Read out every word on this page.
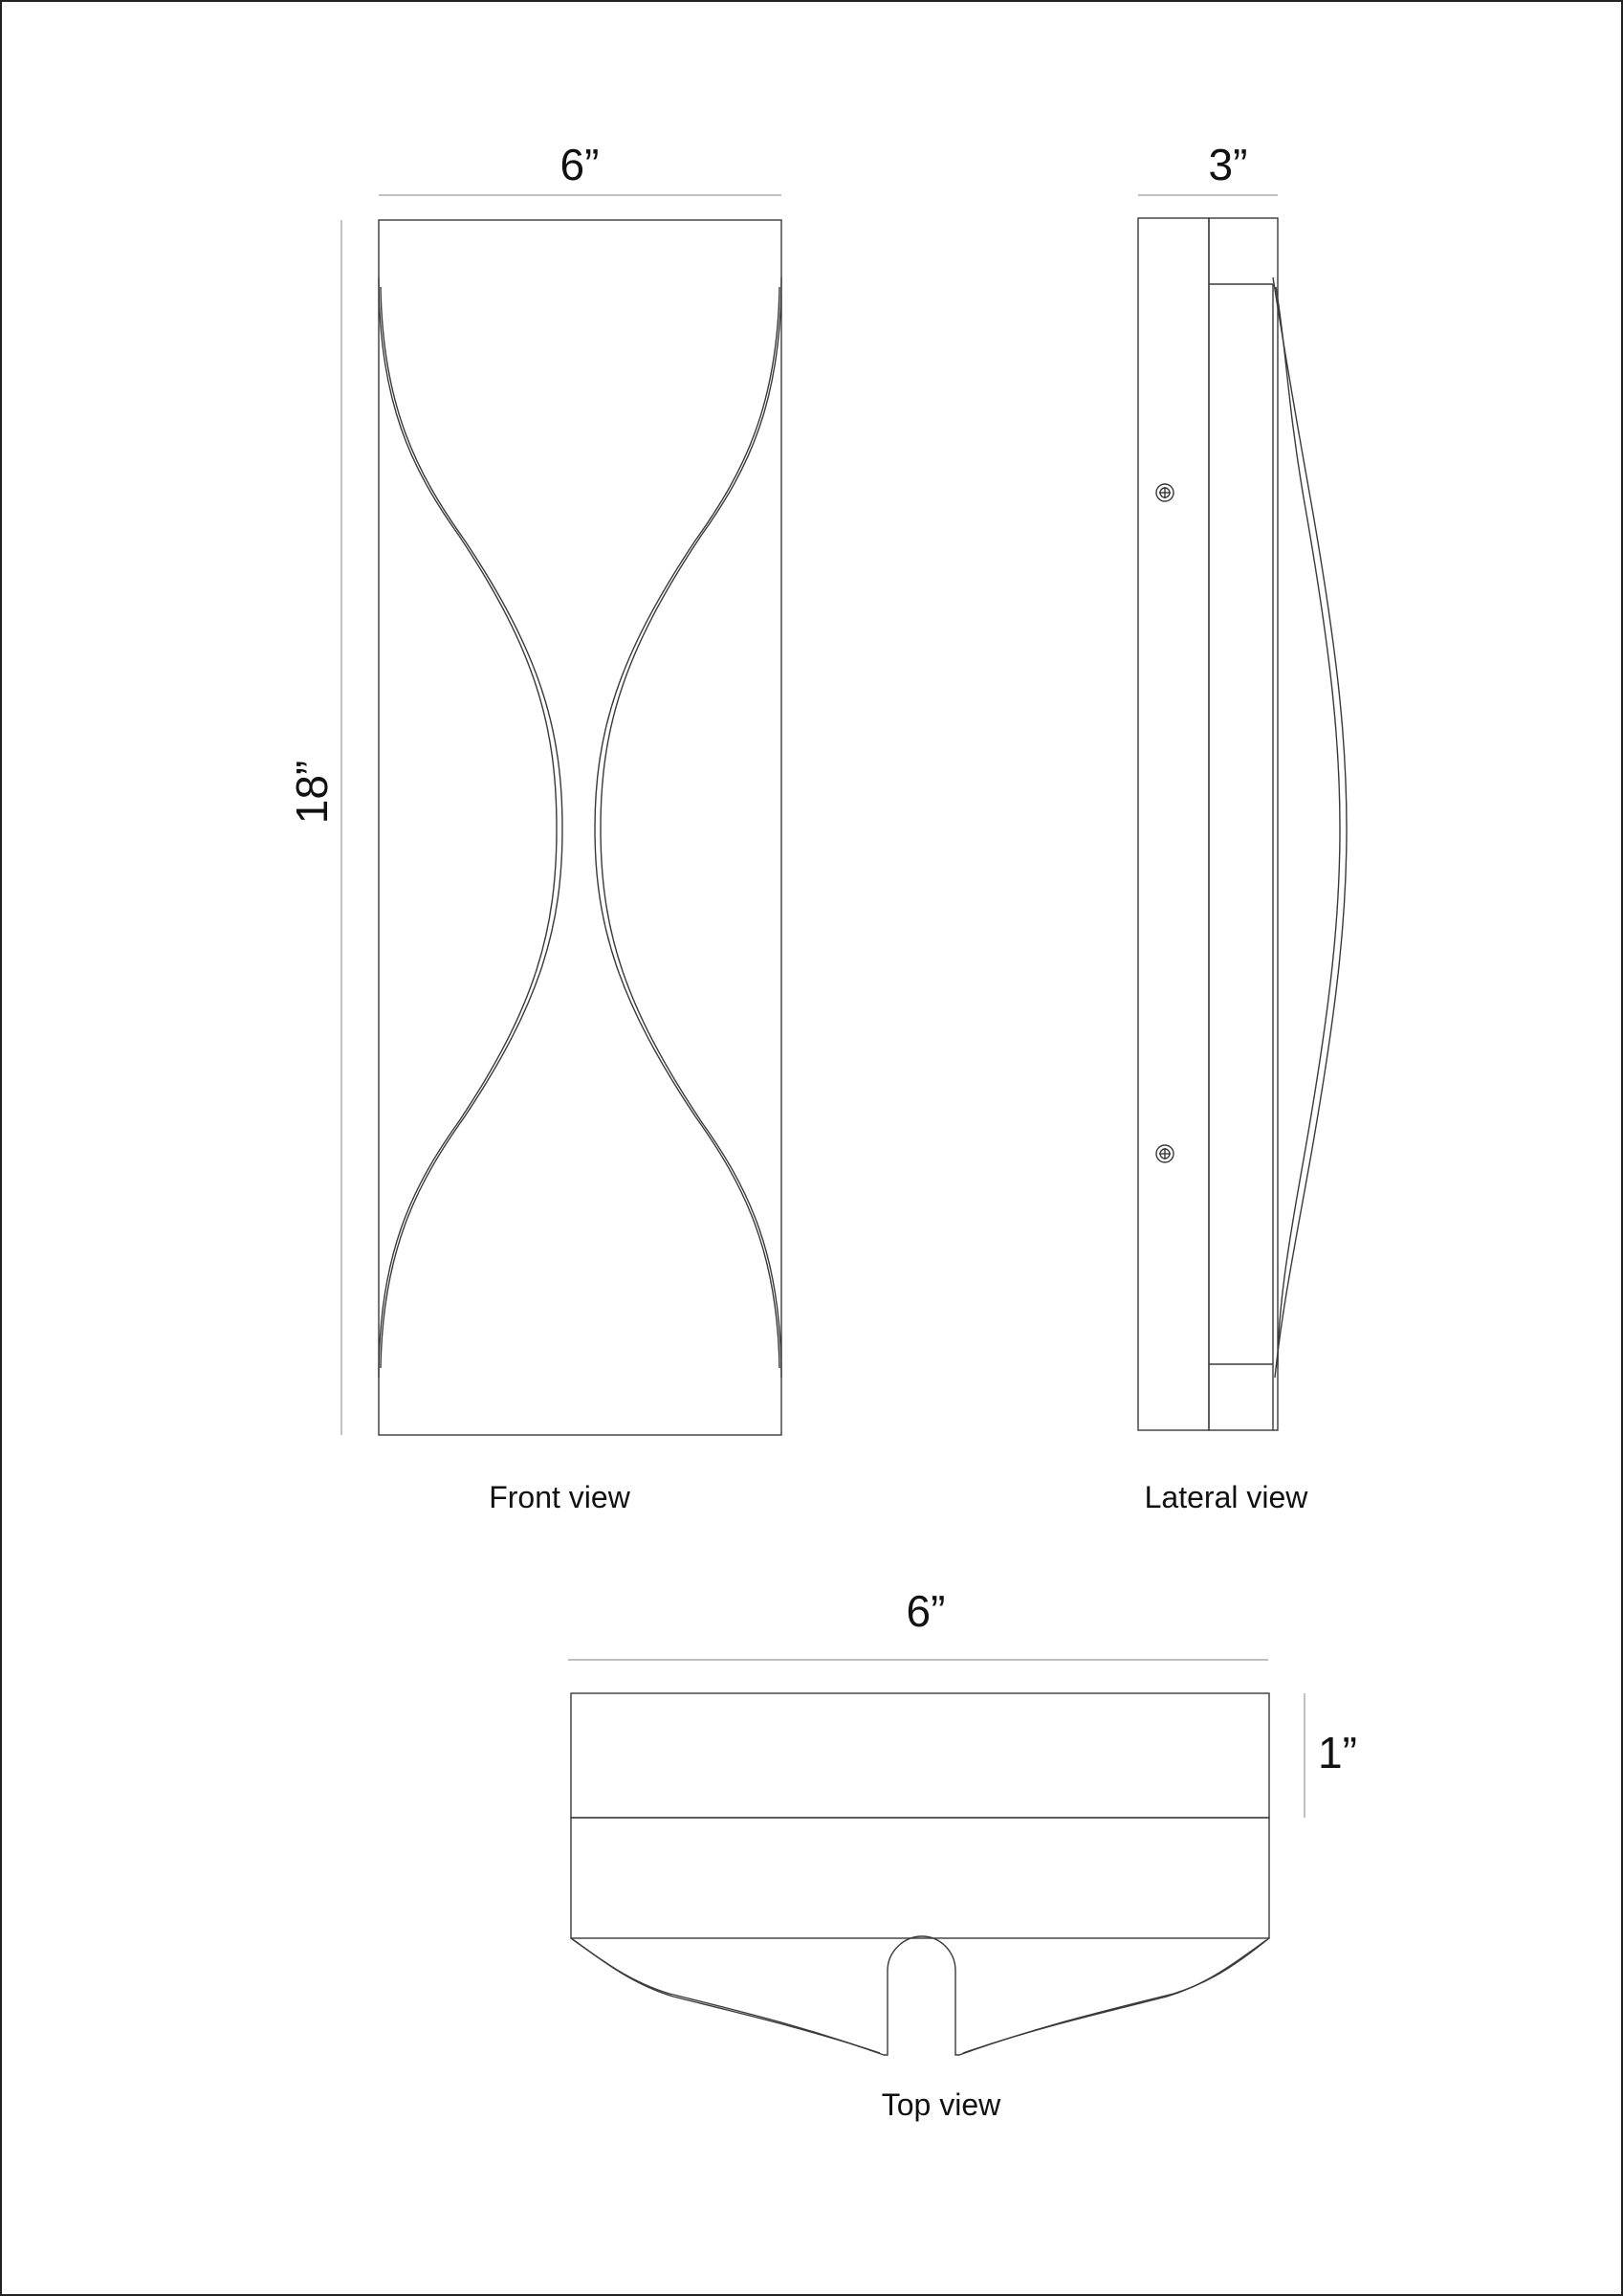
6”
18”
Front view
3”
Lateral view
6”
1”
Top view
